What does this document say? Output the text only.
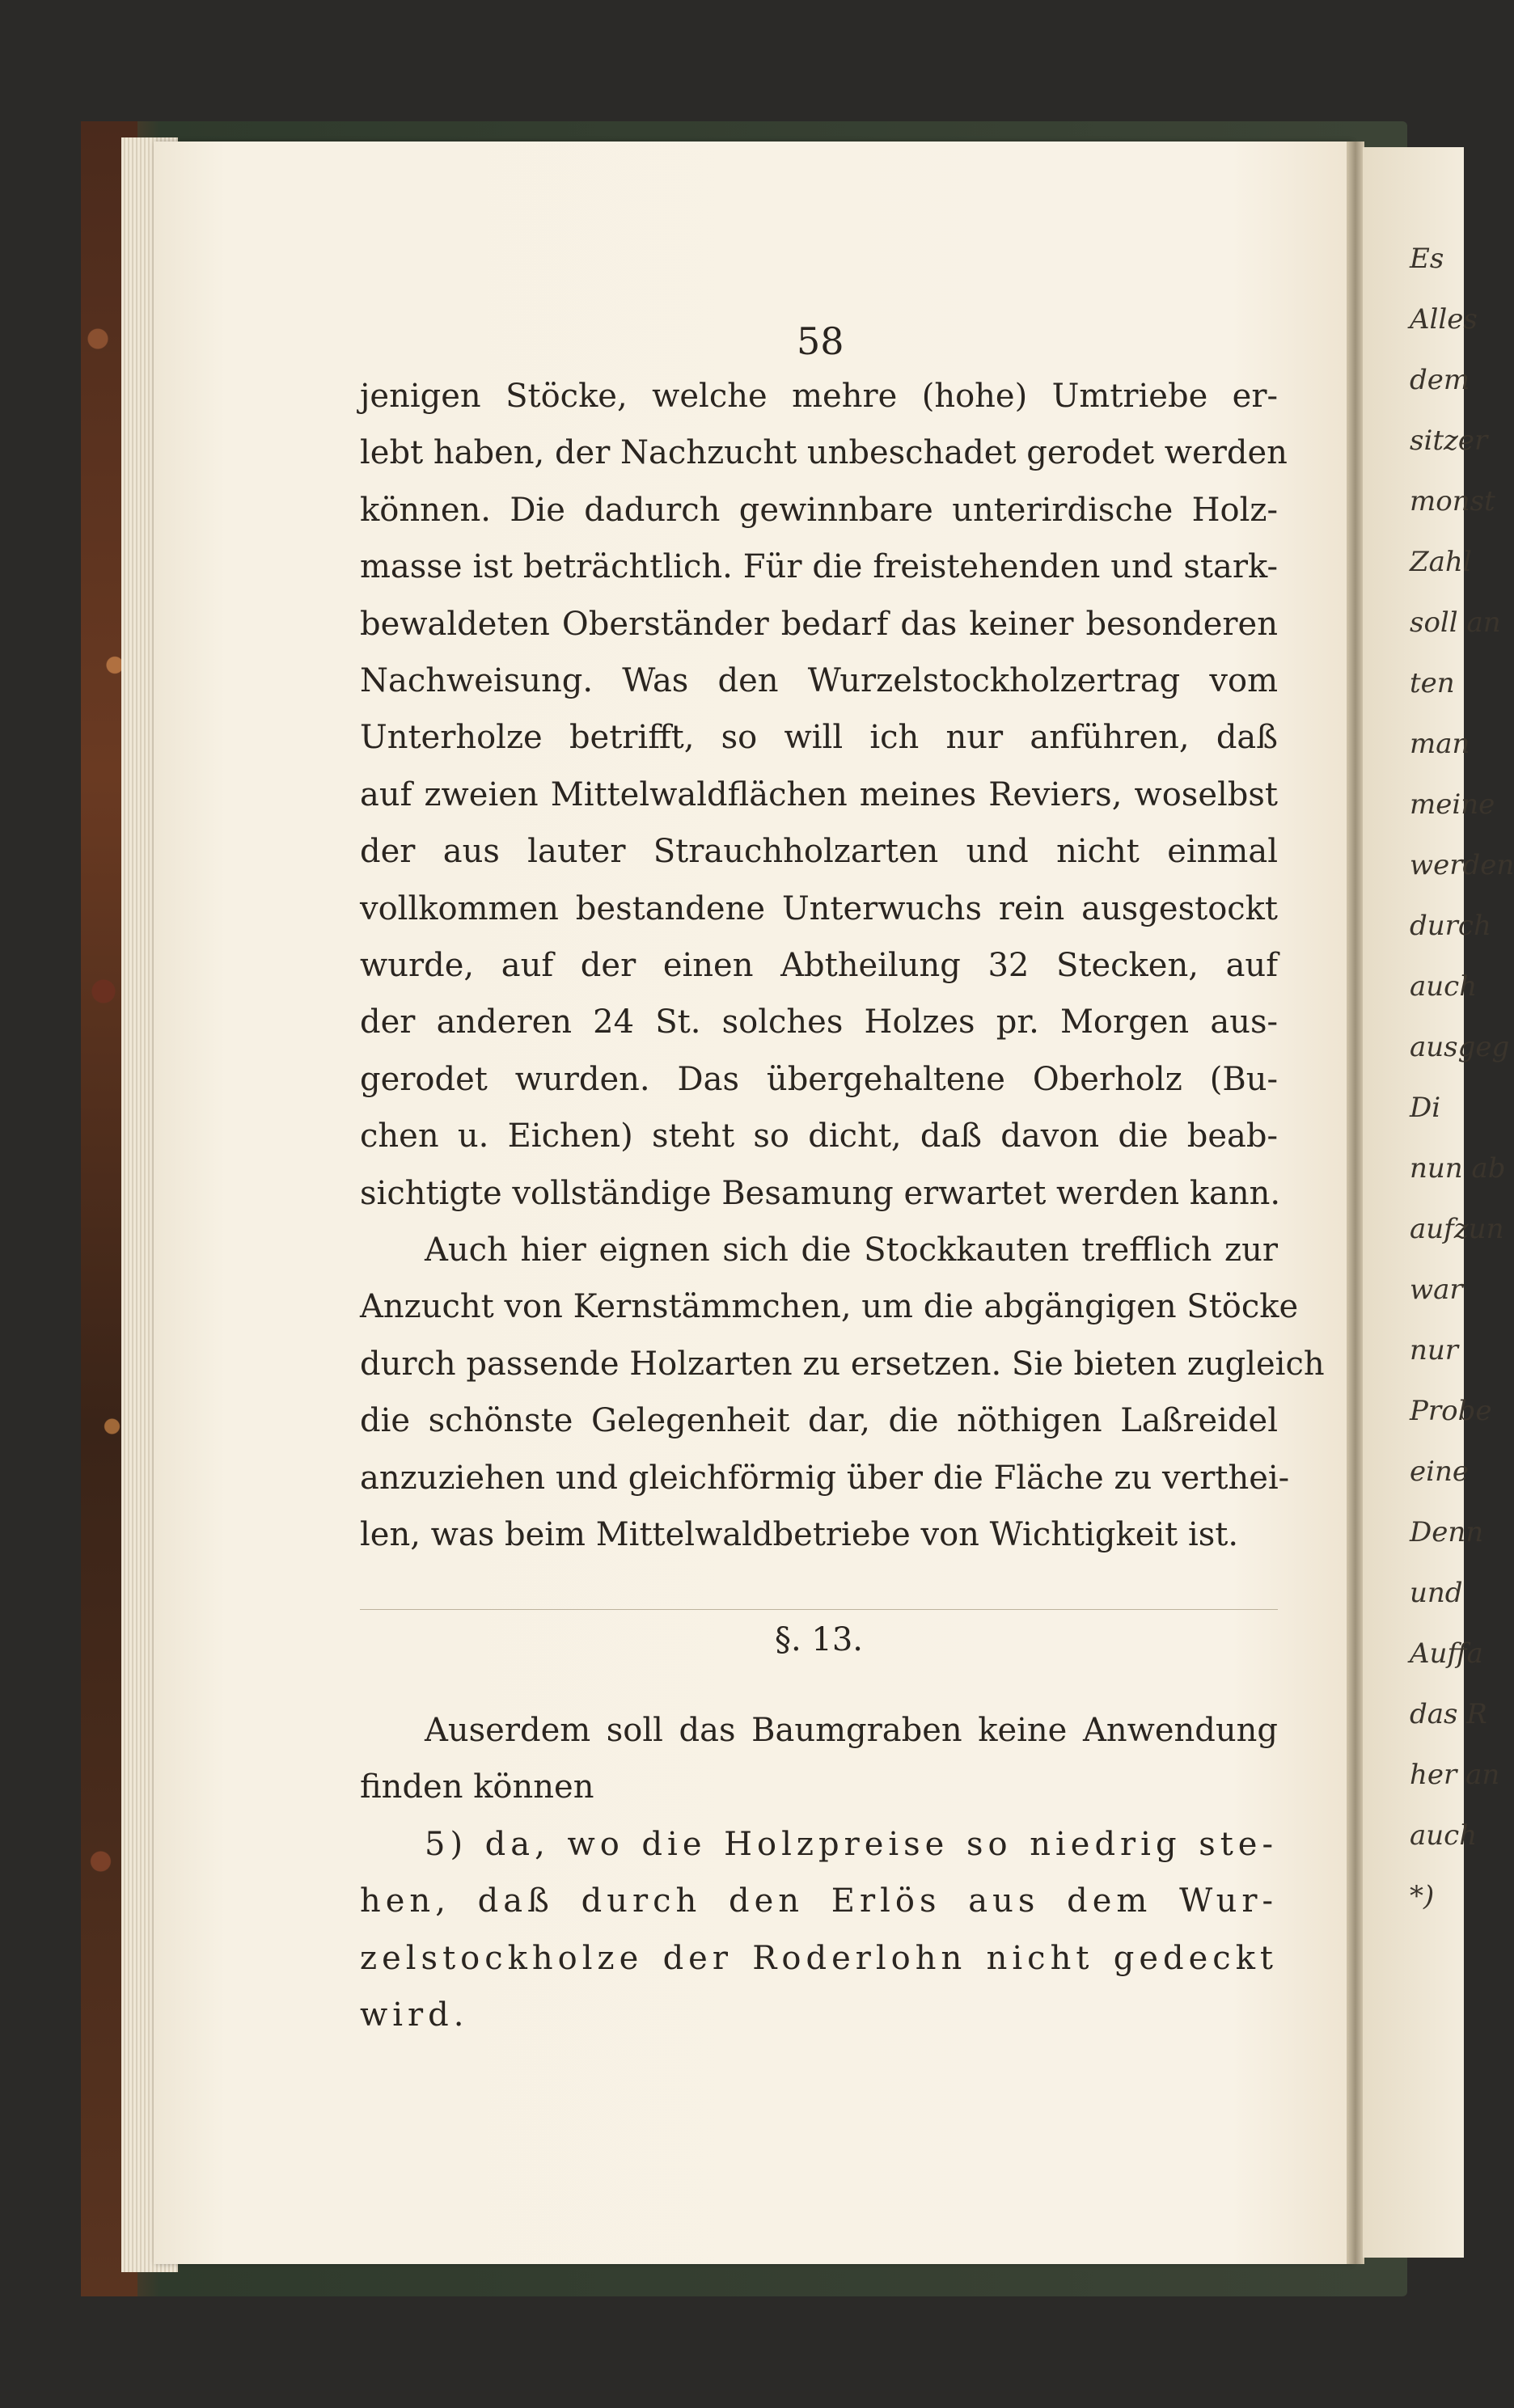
Es
Alles
dem
sitzer
monst
Zahl
soll an
ten
man
meine
werden
durch
auch
ausgeg
Di
nun ab
aufzun
war
nur
Probe
eine
Denn
und
Auffa
das R
her an
auch
*)
58
jenigen Stöcke, welche mehre (hohe) Umtriebe er-
lebt haben, der Nachzucht unbeschadet gerodet werden
können. Die dadurch gewinnbare unterirdische Holz-
masse ist beträchtlich. Für die freistehenden und stark-
bewaldeten Oberständer bedarf das keiner besonderen
Nachweisung. Was den Wurzelstockholzertrag vom
Unterholze betrifft, so will ich nur anführen, daß
auf zweien Mittelwaldflächen meines Reviers, woselbst
der aus lauter Strauchholzarten und nicht einmal
vollkommen bestandene Unterwuchs rein ausgestockt
wurde, auf der einen Abtheilung 32 Stecken, auf
der anderen 24 St. solches Holzes pr. Morgen aus-
gerodet wurden. Das übergehaltene Oberholz (Bu-
chen u. Eichen) steht so dicht, daß davon die beab-
sichtigte vollständige Besamung erwartet werden kann.
Auch hier eignen sich die Stockkauten trefflich zur
Anzucht von Kernstämmchen, um die abgängigen Stöcke
durch passende Holzarten zu ersetzen. Sie bieten zugleich
die schönste Gelegenheit dar, die nöthigen Laßreidel
anzuziehen und gleichförmig über die Fläche zu verthei-
len, was beim Mittelwaldbetriebe von Wichtigkeit ist.
§. 13.
Auserdem soll das Baumgraben keine Anwendung
finden können
5) da, wo die Holzpreise so niedrig ste-
hen, daß durch den Erlös aus dem Wur-
zelstockholze der Roderlohn nicht gedeckt
wird.
